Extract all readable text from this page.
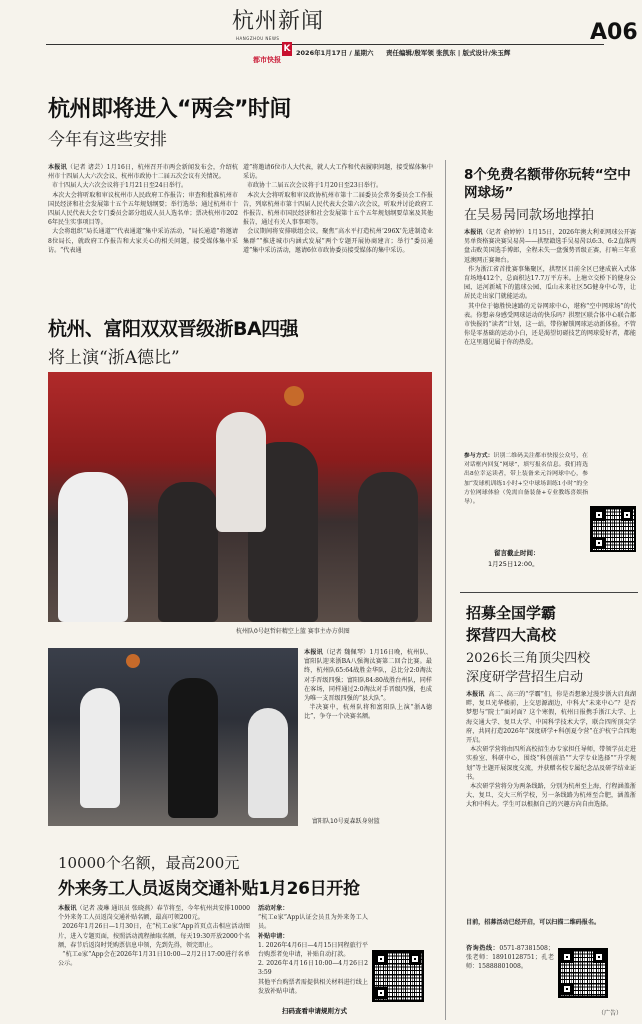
杭州新闻
HANGZHOU NEWS
K
都市快报
2026年1月17日 / 星期六 责任编辑/殷军领 张凯东 | 版式设计/朱玉辉
A06
杭州即将进入“两会”时间
今年有这些安排
本报讯（记者 诸芸）1月16日，杭州召开市两会新闻发布会，介绍杭州市十四届人大六次会议、杭州市政协十二届五次会议有关情况。
市十四届人大六次会议将于1月21日至24日举行。
本次大会将听取和审议杭州市人民政府工作报告；审查和批准杭州市国民经济和社会发展第十五个五年规划纲要；举行选举；通过杭州市十四届人民代表大会专门委员会部分组成人员人选名单；票决杭州市2026年民生实事项目等。
大会将组织“局长通道”“代表通道”集中采访活动，“局长通道”将邀请8位局长，就政府工作报告和大家关心的相关问题，接受媒体集中采访。“代表通
道”将邀请6位市人大代表，就人大工作和代表履职问题，接受媒体集中采访。
市政协十二届五次会议将于1月20日至23日举行。
本次大会将听取和审议政协杭州市第十二届委员会常务委员会工作报告，列席杭州市第十四届人民代表大会第六次会议，听取并讨论政府工作报告、杭州市国民经济和社会发展第十五个五年规划纲要草案及其他报告，通过有关人事事项等。
会议期间将安排联组会议，聚焦“高水平打造杭州‘296X’先进制造业集群”“推进城市内涵式发展”两个专题开展协商建言；举行“委员通道”集中采访活动，邀请6位市政协委员接受媒体的集中采访。
杭州、富阳双双晋级浙BA四强
将上演“浙A德比”
杭州队0号赵哲轩精空上篮 赛事主办方供图
富阳队10号夏森跃身射篮
本报讯（记者 魏佩琴）1月16日晚，杭州队、富阳队迎来浙BA八强淘汰赛第二回合比赛。最终，杭州队65:64战胜金华队，总比分2:0淘汰对手晋级四强；富阳队84:80战胜台州队，同样在客场，同样通过2:0淘汰对手晋级四强，也成为唯一支晋级四强的“县大队”。
半决赛中，杭州队将和富阳队上演“浙A德比”，争夺一个决赛名额。
10000个名额，最高200元
外来务工人员返岗交通补贴1月26日开抢
本报讯（记者 凌琳 通讯员 张晓燕）春节将至，今年杭州共安排10000个外来务工人员返岗交通补贴名额，最高可领200元。
2026年1月26日—1月30日，在“杭工e家”App首页点击相应活动图片，进入专题页面，按照活动流程抽取名额，每天19:30开放2000个名额，春节后返岗时凭购票信息申领，先到先得，领完即止。
“杭工e家”App会在2026年1月31日10:00—2月2日17:00进行名单公示。
活动对象：
“杭工e家”App认证会员且为外来务工人员。
补贴申请：
1. 2026年4月6日—4月15日同程旅行平台购票者免申请，补贴自动打款。
2. 2026年4月16日10:00—4月26日23:59
其他平台购票者需提供相关材料进行线上发放补贴申请。
扫码查看申请规则方式
8个免费名额带你玩转“空中网球场”
在吴易昺同款场地撑拍
本报讯（记者 俞婷婷）1月15日，2026年澳大利亚网球公开赛男单资格赛决赛吴易昺——拱墅籍选手吴易昺以6:3、6:2直落两盘击败美国选手博郎，全程未失一盘强势晋级正赛，打响三年重返澳网正赛舞台。
作为浙江省首批赛事集聚区，拱墅区目前全区已建成嵌入式体育场地412个，总面积达17.7万平方米。上塘立交桥下的健身公园、运河新城下的篮球公园、瓜山未来社区5G健身中心等，让居民走出家门就能运动。
其中位于德胜快速路的元谷网球中心，堪称“空中网球场”的代表。你想亲身感受网球运动的快乐吗？拱墅区联合体中心联合都市快报的“读者”计划，这一站，带你解锁网球运动新体验。不管你是零基础的运动小白，还是渴望切磋技艺的网球爱好者，都能在这里遇见属于你的热爱。
参与方式：识别二维码关注都市快报公众号，在对话框内回复“网球”，填写报名信息。我们将选出8位幸运读者，带上装备来元谷网球中心，参加“发球机训练1小时+空中球场训练1小时”的全方位网球体验（免需自备装备+专业教练喜娱指导）。
留言截止时间：
1月25日12:00。
招募全国学霸
探营四大高校
2026长三角顶尖四校
深度研学营招生启动
本报讯  高二、高三的“学霸”们，你是否想象过漫步浙大启真湖畔，复旦光华楼前，上交思源湖边，中科大“未来中心”？是否梦想与“院士”面对面？这个寒假，杭州日报携手浙江大学、上海交通大学、复旦大学、中国科学技术大学，联合四所顶尖学府，共同打造2026年“深度研学+科创夏令营”在沪杭宁合四地开启。
本次研学营将由四所高校招生办专家担任导师，带领学员走进实验室、科研中心，围绕“科创前沿”“大学专业选择”“升学规划”等主题开展深度交流，并获赠名校专属纪念品及研学结业证书。
本次研学营将分为两条线路，分别为杭州至上海，行程涵盖浙大、复旦、交大三所学校，另一条线路为杭州至合肥，涵盖浙大和中科大。学生可以根据自己的兴趣方向自由选择。
目前，招募活动已经开启，可以扫描二维码报名。
咨询热线：0571-87381508；张老师：18910128751；孔老师：15888801008。
（广告）
